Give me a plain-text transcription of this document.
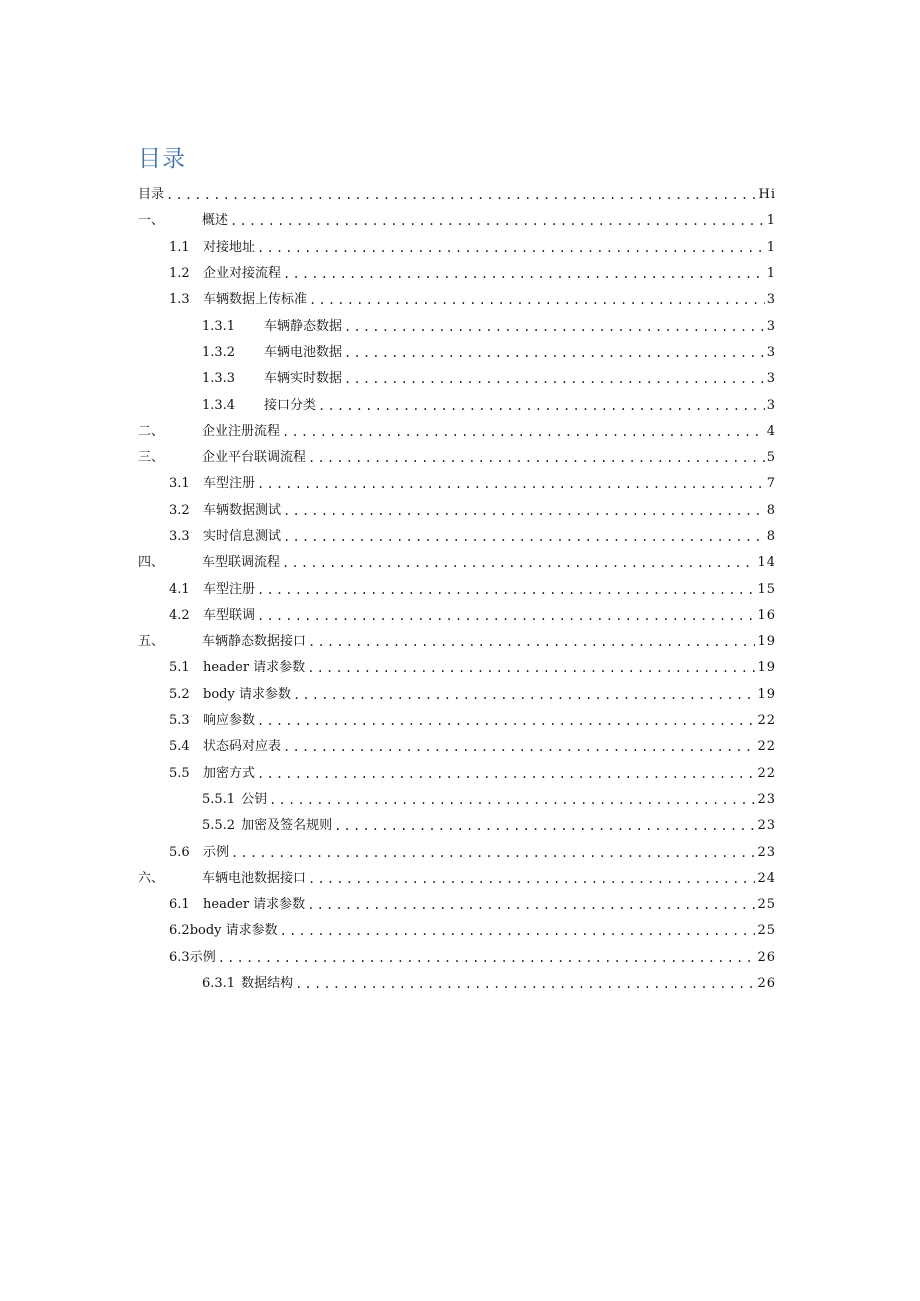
目录
目录 .....	Hi
一、	概述 .....	1
1.1	对接地址 .....	1
1.2	企业对接流程 .....	1
1.3	车辆数据上传标准 .....	3
1.3.1	车辆静态数据 .....	3
1.3.2	车辆电池数据 .....	3
1.3.3	车辆实时数据 .....	3
1.3.4	接口分类 .....	3
二、	企业注册流程 .....	4
三、	企业平台联调流程 .....	5
3.1	车型注册 .....	7
3.2	车辆数据测试 .....	8
3.3	实时信息测试 .....	8
四、	车型联调流程 .....	14
4.1	车型注册 .....	15
4.2	车型联调 .....	16
五、	车辆静态数据接口 .....	19
5.1	header 请求参数 .....	19
5.2	body 请求参数 .....	19
5.3	响应参数 .....	22
5.4	状态码对应表 .....	22
5.5	加密方式 .....	22
5.5.1 公钥 .....	23
5.5.2 加密及签名规则 .....	23
5.6	示例 .....	23
六、	车辆电池数据接口 .....	24
6.1	header 请求参数 .....	25
6.2 body 请求参数 .....	25
6.3 示例 .....	26
6.3.1 数据结构 .....	26
